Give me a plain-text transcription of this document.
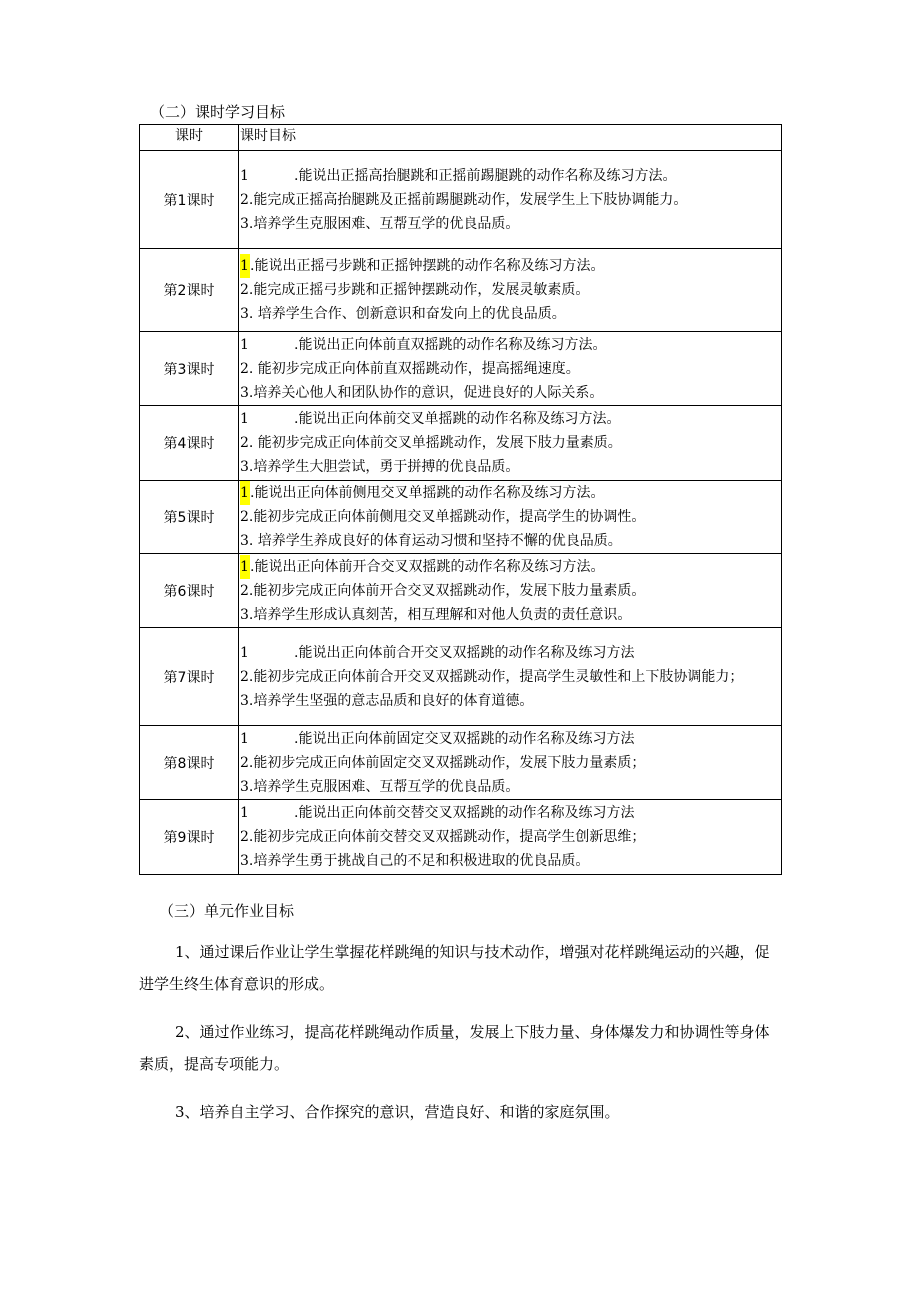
（二）课时学习目标
课时	课时目标
第1课时	1 .能说出正摇高抬腿跳和正摇前踢腿跳的动作名称及练习方法。
2.能完成正摇高抬腿跳及正摇前踢腿跳动作，发展学生上下肢协调能力。
3.培养学生克服困难、互帮互学的优良品质。

第2课时	1.能说出正摇弓步跳和正摇钟摆跳的动作名称及练习方法。
2.能完成正摇弓步跳和正摇钟摆跳动作，发展灵敏素质。
3. 培养学生合作、创新意识和奋发向上的优良品质。

第3课时	1 .能说出正向体前直双摇跳的动作名称及练习方法。
2. 能初步完成正向体前直双摇跳动作，提高摇绳速度。
3.培养关心他人和团队协作的意识，促进良好的人际关系。

第4课时	1 .能说出正向体前交叉单摇跳的动作名称及练习方法。
2. 能初步完成正向体前交叉单摇跳动作，发展下肢力量素质。
3.培养学生大胆尝试，勇于拼搏的优良品质。

第5课时	1.能说出正向体前侧甩交叉单摇跳的动作名称及练习方法。
2.能初步完成正向体前侧甩交叉单摇跳动作，提高学生的协调性。
3. 培养学生养成良好的体育运动习惯和坚持不懈的优良品质。

第6课时	1.能说出正向体前开合交叉双摇跳的动作名称及练习方法。
2.能初步完成正向体前开合交叉双摇跳动作，发展下肢力量素质。
3.培养学生形成认真刻苦，相互理解和对他人负责的责任意识。

第7课时	1 .能说出正向体前合开交叉双摇跳的动作名称及练习方法
2.能初步完成正向体前合开交叉双摇跳动作，提高学生灵敏性和上下肢协调能力；
3.培养学生坚强的意志品质和良好的体育道德。

第8课时	1 .能说出正向体前固定交叉双摇跳的动作名称及练习方法
2.能初步完成正向体前固定交叉双摇跳动作，发展下肢力量素质；
3.培养学生克服困难、互帮互学的优良品质。

第9课时	1 .能说出正向体前交替交叉双摇跳的动作名称及练习方法
2.能初步完成正向体前交替交叉双摇跳动作，提高学生创新思维；
3.培养学生勇于挑战自己的不足和积极进取的优良品质。
（三）单元作业目标

1、通过课后作业让学生掌握花样跳绳的知识与技术动作，增强对花样跳绳运动的兴趣，促进学生终生体育意识的形成。

2、通过作业练习，提高花样跳绳动作质量，发展上下肢力量、身体爆发力和协调性等身体素质，提高专项能力。

3、培养自主学习、合作探究的意识，营造良好、和谐的家庭氛围。
